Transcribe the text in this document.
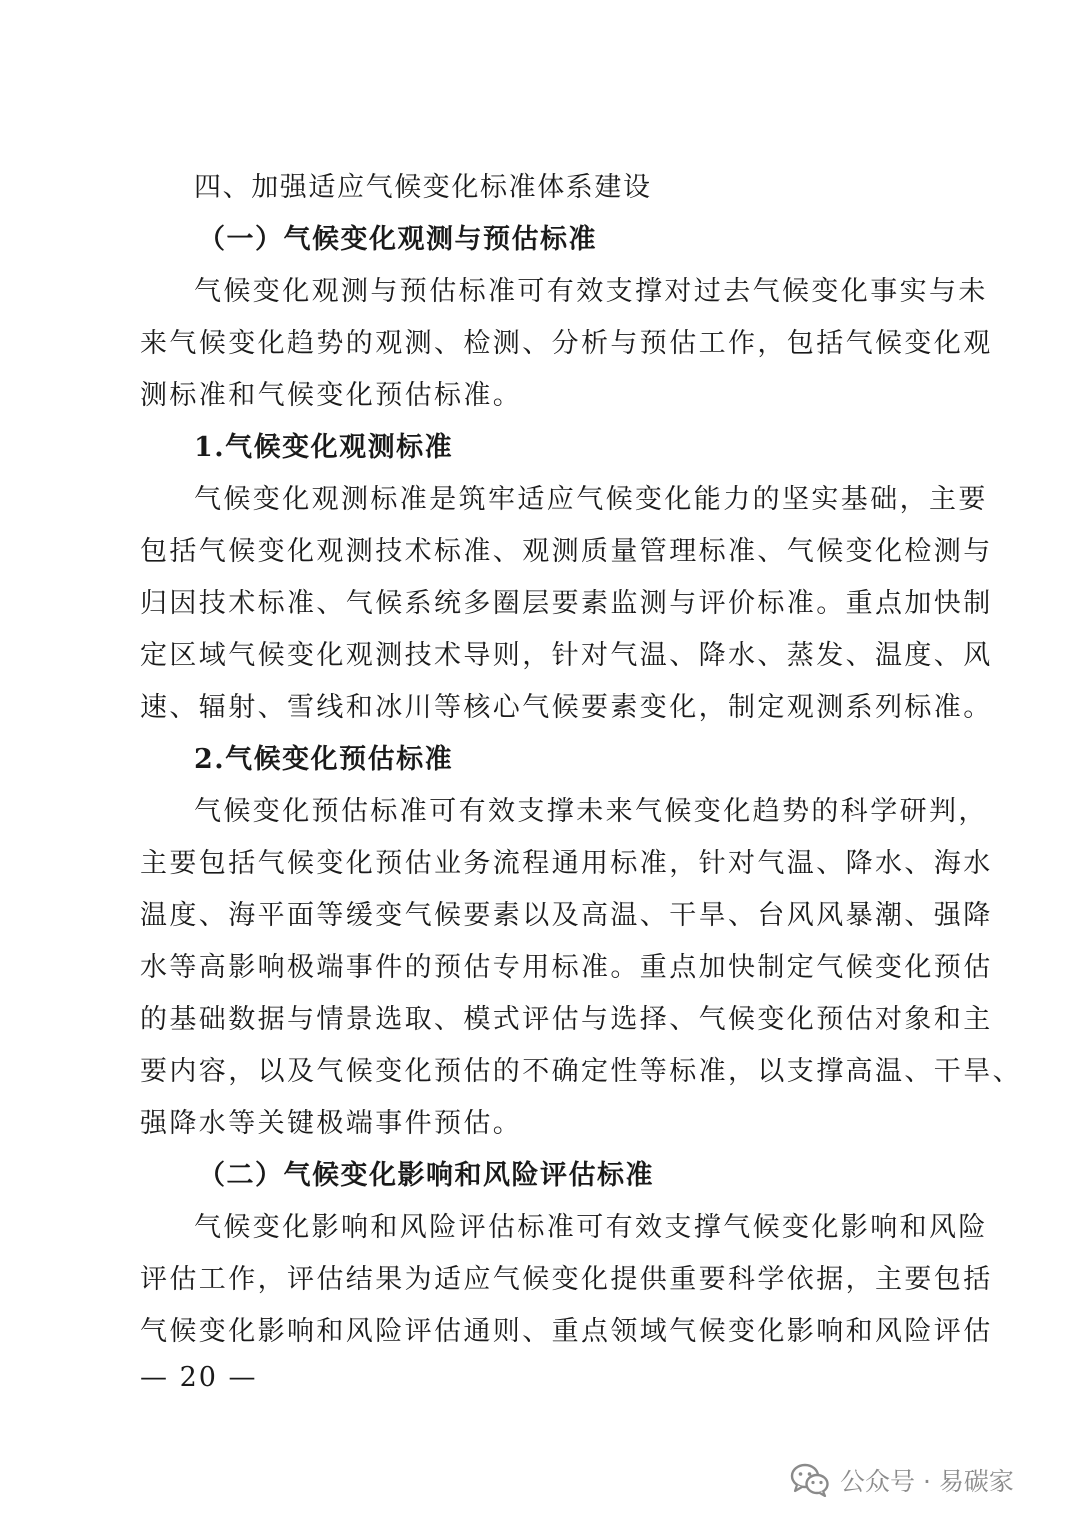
四、加强适应气候变化标准体系建设
（一）气候变化观测与预估标准
气候变化观测与预估标准可有效支撑对过去气候变化事实与未
来气候变化趋势的观测、检测、分析与预估工作，包括气候变化观
测标准和气候变化预估标准。
1.气候变化观测标准
气候变化观测标准是筑牢适应气候变化能力的坚实基础，主要
包括气候变化观测技术标准、观测质量管理标准、气候变化检测与
归因技术标准、气候系统多圈层要素监测与评价标准。重点加快制
定区域气候变化观测技术导则，针对气温、降水、蒸发、温度、风
速、辐射、雪线和冰川等核心气候要素变化，制定观测系列标准。
2.气候变化预估标准
气候变化预估标准可有效支撑未来气候变化趋势的科学研判，
主要包括气候变化预估业务流程通用标准，针对气温、降水、海水
温度、海平面等缓变气候要素以及高温、干旱、台风风暴潮、强降
水等高影响极端事件的预估专用标准。重点加快制定气候变化预估
的基础数据与情景选取、模式评估与选择、气候变化预估对象和主
要内容，以及气候变化预估的不确定性等标准，以支撑高温、干旱、
强降水等关键极端事件预估。
（二）气候变化影响和风险评估标准
气候变化影响和风险评估标准可有效支撑气候变化影响和风险
评估工作，评估结果为适应气候变化提供重要科学依据，主要包括
气候变化影响和风险评估通则、重点领域气候变化影响和风险评估
— 20 —
公众号 · 易碳家
